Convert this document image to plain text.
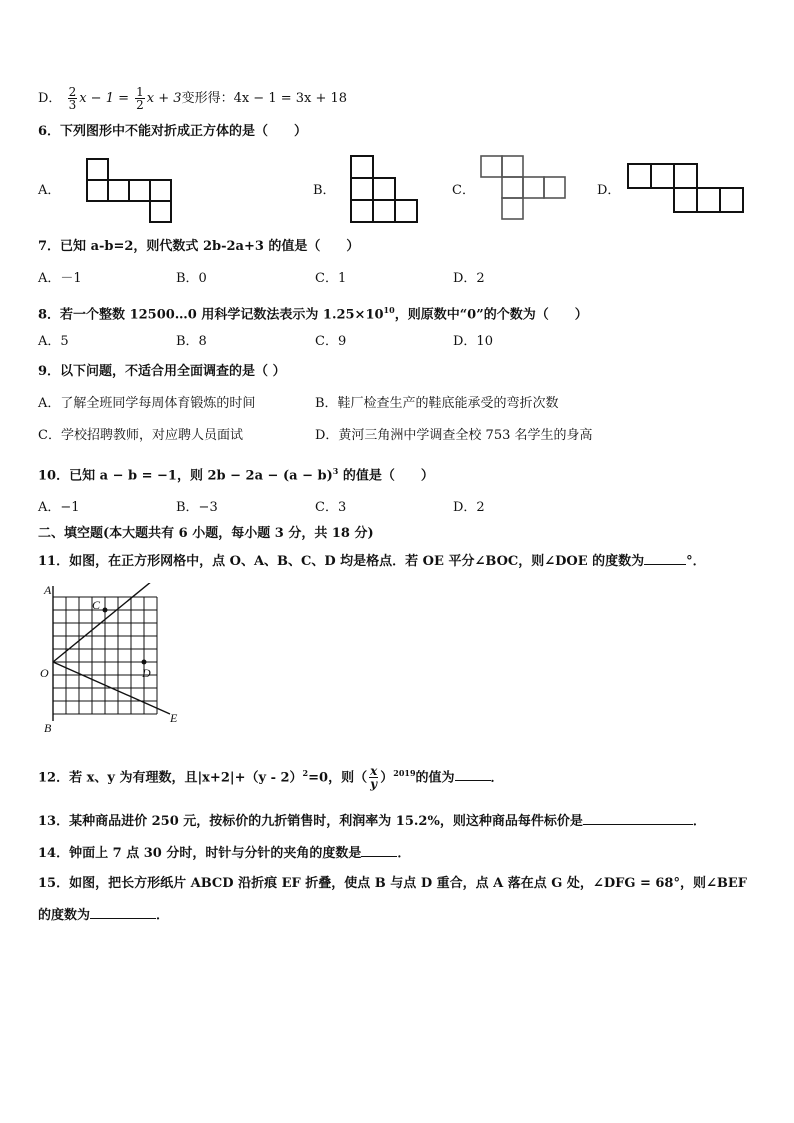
D． $\frac{2}{3}$ $x - 1 = \frac{1}{2}$ x + 3变形得：4x − 1 = 3x + 18
6．下列图形中不能对折成正方体的是（　　）
A．	B．	C．	D．
7．已知 a-b=2，则代数式 2b-2a+3 的值是（　　）
A．－1	B．0	C．1	D．2
8．若一个整数 12500…0 用科学记数法表示为 $1.25\times 10^{10}$，则原数中“0”的个数为（　　）
A．5	B．8	C．9	D．10
9．以下问题，不适合用全面调查的是（ ）
A．了解全班同学每周体育锻炼的时间	B．鞋厂检查生产的鞋底能承受的弯折次数
C．学校招聘教师，对应聘人员面试	D．黄河三角洲中学调查全校 753 名学生的身高
10．已知 a − b = −1，则 $2b - 2a - (a - b)^3$ 的值是（　　）
A．−1	B．−3	C．3	D．2
二、填空题(本大题共有 6 小题，每小题 3 分，共 18 分)
11．如图，在正方形网格中，点 O、A、B、C、D 均是格点．若 OE 平分∠BOC，则∠DOE 的度数为	°．
A
B
C
D
O
E
12．若 x、y 为有理数，且|x+2|+（y - 2）$^2$=0，则（ $\frac{x}{y} )^{2019}$的值为	．
13．某种商品进价 250 元，按标价的九折销售时，利润率为 15.2%，则这种商品每件标价是	．
14．钟面上 7 点 30 分时，时针与分针的夹角的度数是	．
15．如图，把长方形纸片 ABCD 沿折痕 EF 折叠，使点 B 与点 D 重合，点 A 落在点 G 处，∠DFG = 68°，则∠BEF
的度数为	．
